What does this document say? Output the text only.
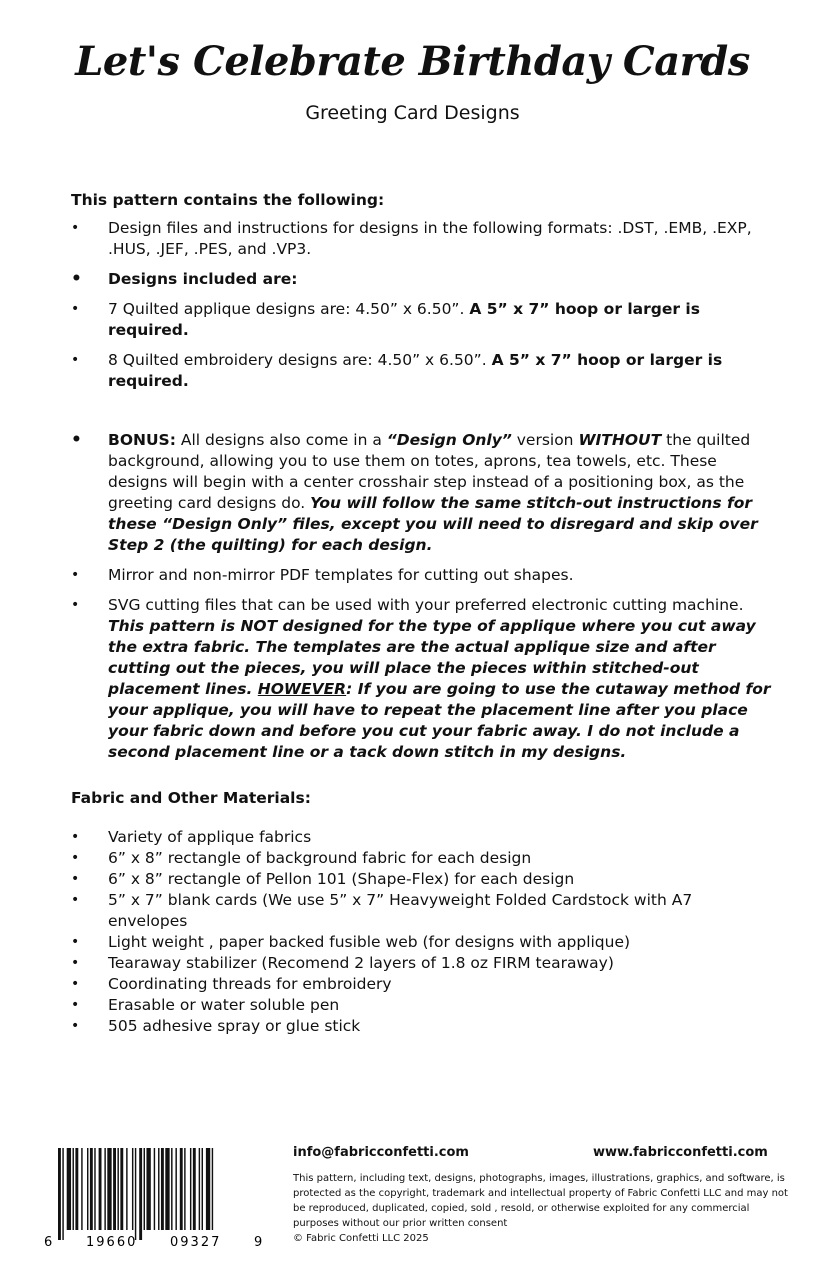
Let's Celebrate Birthday Cards
Greeting Card Designs
This pattern contains the following:
• Design files and instructions for designs in the following formats: .DST, .EMB, .EXP, .HUS, .JEF, .PES, and .VP3.
• Designs included are:
• 7 Quilted applique designs are: 4.50” x 6.50”. A 5” x 7” hoop or larger is required.
• 8 Quilted embroidery designs are: 4.50” x 6.50”. A 5” x 7” hoop or larger is required.
• BONUS: All designs also come in a “Design Only” version WITHOUT the quilted background, allowing you to use them on totes, aprons, tea towels, etc. These designs will begin with a center crosshair step instead of a positioning box, as the greeting card designs do. You will follow the same stitch-out instructions for these “Design Only” files, except you will need to disregard and skip over Step 2 (the quilting) for each design.
• Mirror and non-mirror PDF templates for cutting out shapes.
• SVG cutting files that can be used with your preferred electronic cutting machine. This pattern is NOT designed for the type of applique where you cut away the extra fabric. The templates are the actual applique size and after cutting out the pieces, you will place the pieces within stitched-out placement lines. HOWEVER: If you are going to use the cutaway method for your applique, you will have to repeat the placement line after you place your fabric down and before you cut your fabric away. I do not include a second placement line or a tack down stitch in my designs.
Fabric and Other Materials:
• Variety of applique fabrics
• 6” x 8” rectangle of background fabric for each design
• 6” x 8” rectangle of Pellon 101 (Shape-Flex) for each design
• 5” x 7” blank cards (We use 5” x 7” Heavyweight Folded Cardstock with A7 envelopes
• Light weight , paper backed fusible web (for designs with applique)
• Tearaway stabilizer (Recomend 2 layers of 1.8 oz FIRM tearaway)
• Coordinating threads for embroidery
• Erasable or water soluble pen
• 505 adhesive spray or glue stick
6	19660	09327	9
info@fabricconfetti.com	www.fabricconfetti.com
This pattern, including text, designs, photographs, images, illustrations, graphics, and software, is protected as the copyright, trademark and intellectual property of Fabric Confetti LLC and may not be reproduced, duplicated, copied, sold , resold, or otherwise exploited for any commercial purposes without our prior written consent
© Fabric Confetti LLC 2025
